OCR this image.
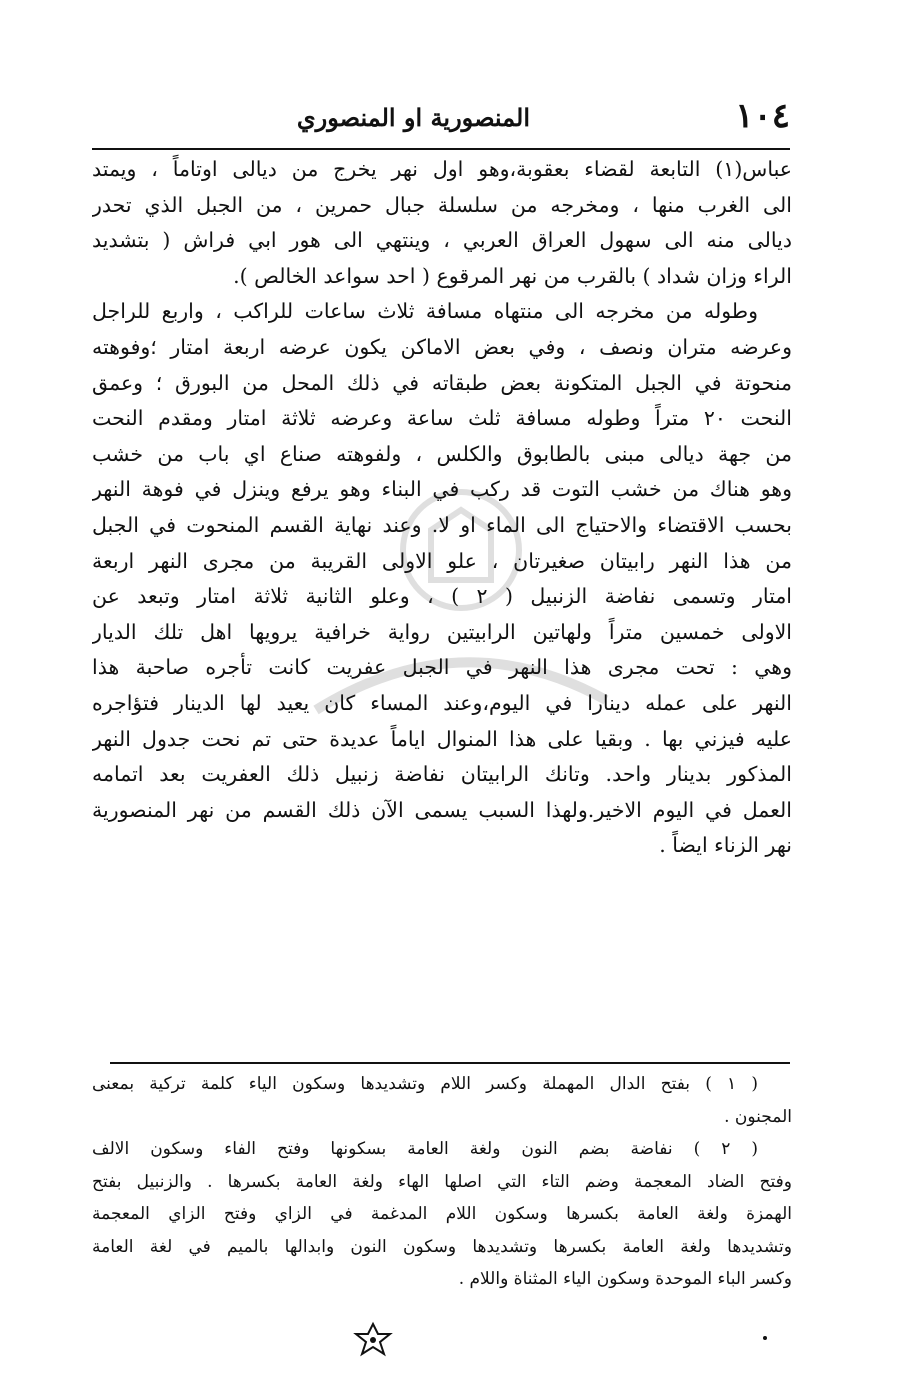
١٠٤
المنصورية او المنصوري
عباس(١) التابعة لقضاء بعقوبة،وهو اول نهر يخرج من ديالى اوتاماً ، ويمتد
الى الغرب منها ، ومخرجه من سلسلة جبال حمرين ، من الجبل الذي تحدر
ديالى منه الى سهول العراق العربي ، وينتهي الى هور ابي فراش ( بتشديد
الراء وزان شداد ) بالقرب من نهر المرقوع ( احد سواعد الخالص ).
وطوله من مخرجه الى منتهاه مسافة ثلاث ساعات للراكب ، واربع للراجل
وعرضه متران ونصف ، وفي بعض الاماكن يكون عرضه اربعة امتار ؛وفوهته
منحوتة في الجبل المتكونة بعض طبقاته في ذلك المحل من البورق ؛ وعمق
النحت ٢٠ متراً وطوله مسافة ثلث ساعة وعرضه ثلاثة امتار ومقدم النحت
من جهة ديالى مبنى بالطابوق والكلس ، ولفوهته صناع اي باب من خشب
وهو هناك من خشب التوت قد ركب في البناء وهو يرفع وينزل في فوهة النهر
بحسب الاقتضاء والاحتياج الى الماء او لا. وعند نهاية القسم المنحوت في الجبل
من هذا النهر رابيتان صغيرتان ، علو الاولى القريبة من مجرى النهر اربعة
امتار وتسمى نفاضة الزنبيل ( ٢ ) ، وعلو الثانية ثلاثة امتار وتبعد عن
الاولى خمسين متراً ولهاتين الرابيتين رواية خرافية يرويها اهل تلك الديار
وهي : تحت مجرى هذا النهر في الجبل عفريت كانت تأجره صاحبة هذا
النهر على عمله دينارا في اليوم،وعند المساء كان يعيد لها الدينار فتؤاجره
عليه فيزني بها . وبقيا على هذا المنوال اياماً عديدة حتى تم نحت جدول النهر
المذكور بدينار واحد. وتانك الرابيتان نفاضة زنبيل ذلك العفريت بعد اتمامه
العمل في اليوم الاخير.ولهذا السبب يسمى الآن ذلك القسم من نهر المنصورية
نهر الزناء ايضاً .
( ١ ) بفتح الدال المهملة وكسر اللام وتشديدها وسكون الياء كلمة تركية بمعنى
المجنون .
( ٢ ) نفاضة بضم النون ولغة العامة بسكونها وفتح الفاء وسكون الالف
وفتح الضاد المعجمة وضم التاء التي اصلها الهاء ولغة العامة بكسرها . والزنبيل بفتح
الهمزة ولغة العامة بكسرها وسكون اللام المدغمة في الزاي وفتح الزاي المعجمة
وتشديدها ولغة العامة بكسرها وتشديدها وسكون النون وابدالها بالميم في لغة العامة
وكسر الباء الموحدة وسكون الياء المثناة واللام .
